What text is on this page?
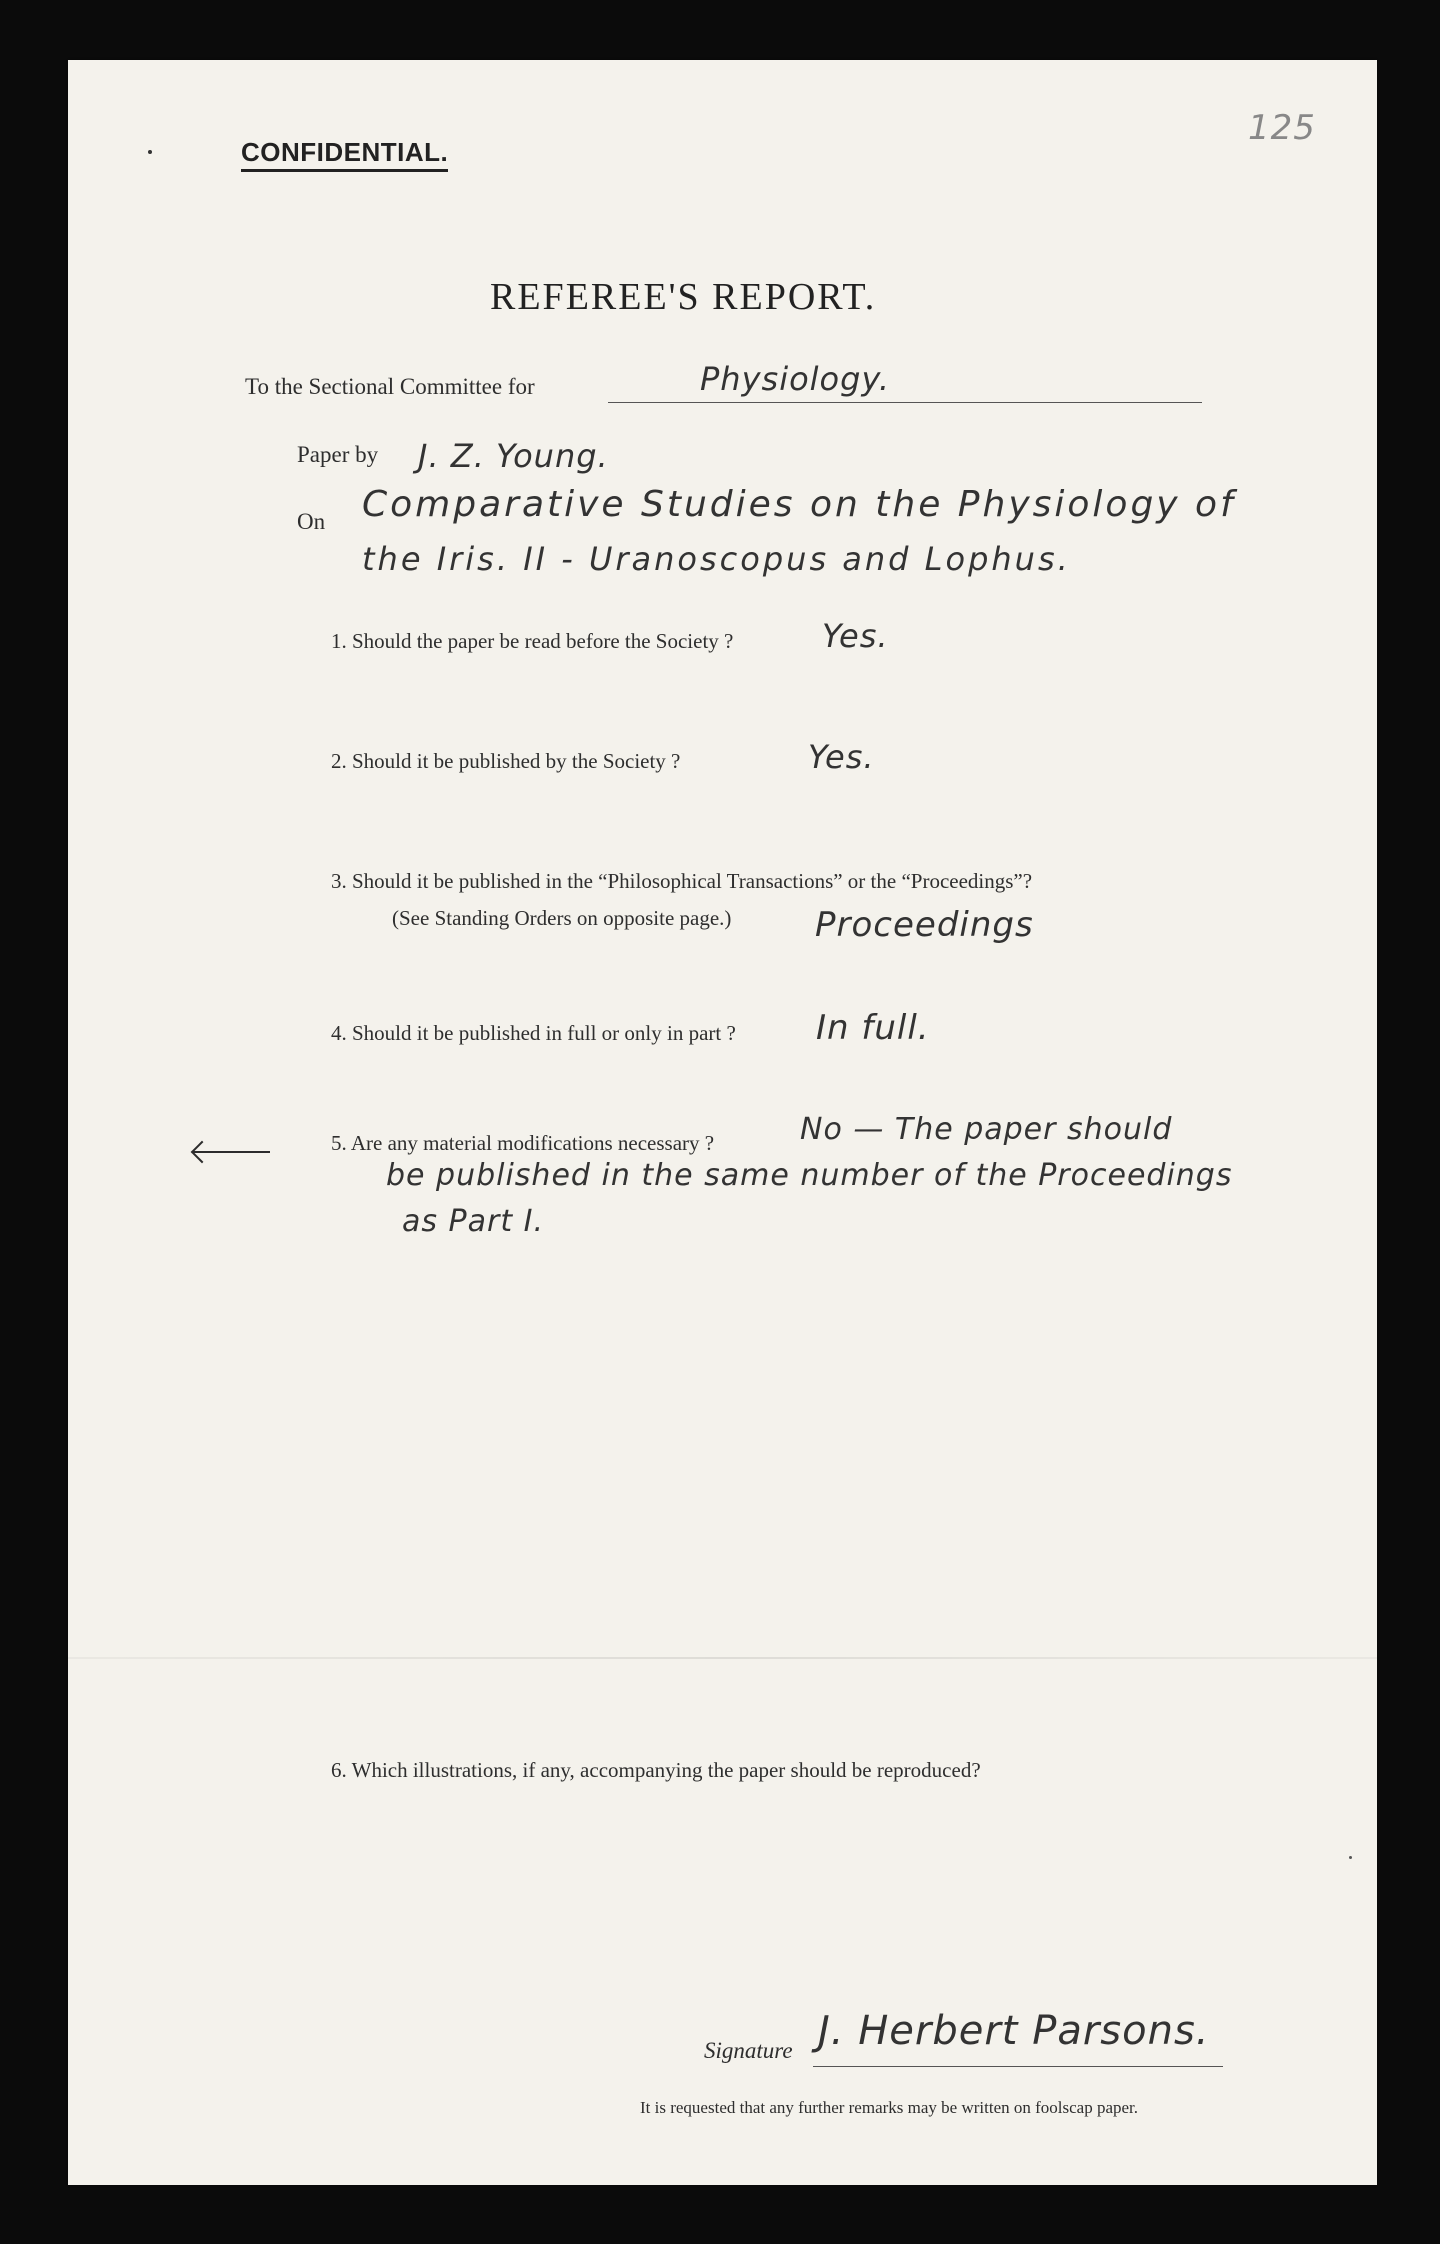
125
CONFIDENTIAL.
REFEREE'S REPORT.
To the Sectional Committee for	Physiology.
Paper by J. Z. Young.
On Comparative Studies on the Physiology of
the Iris. II - Uranoscopus and Lophus.
1. Should the paper be read before the Society ?	Yes.
2. Should it be published by the Society ?	Yes.
3. Should it be published in the “Philosophical Transactions” or the “Proceedings”?
(See Standing Orders on opposite page.) Proceedings
4. Should it be published in full or only in part ? In full.
5. Are any material modifications necessary ?	No — The paper should
be published in the same number of the Proceedings
as Part I.
6. Which illustrations, if any, accompanying the paper should be reproduced?
Signature J. Herbert Parsons.
It is requested that any further remarks may be written on foolscap paper.
